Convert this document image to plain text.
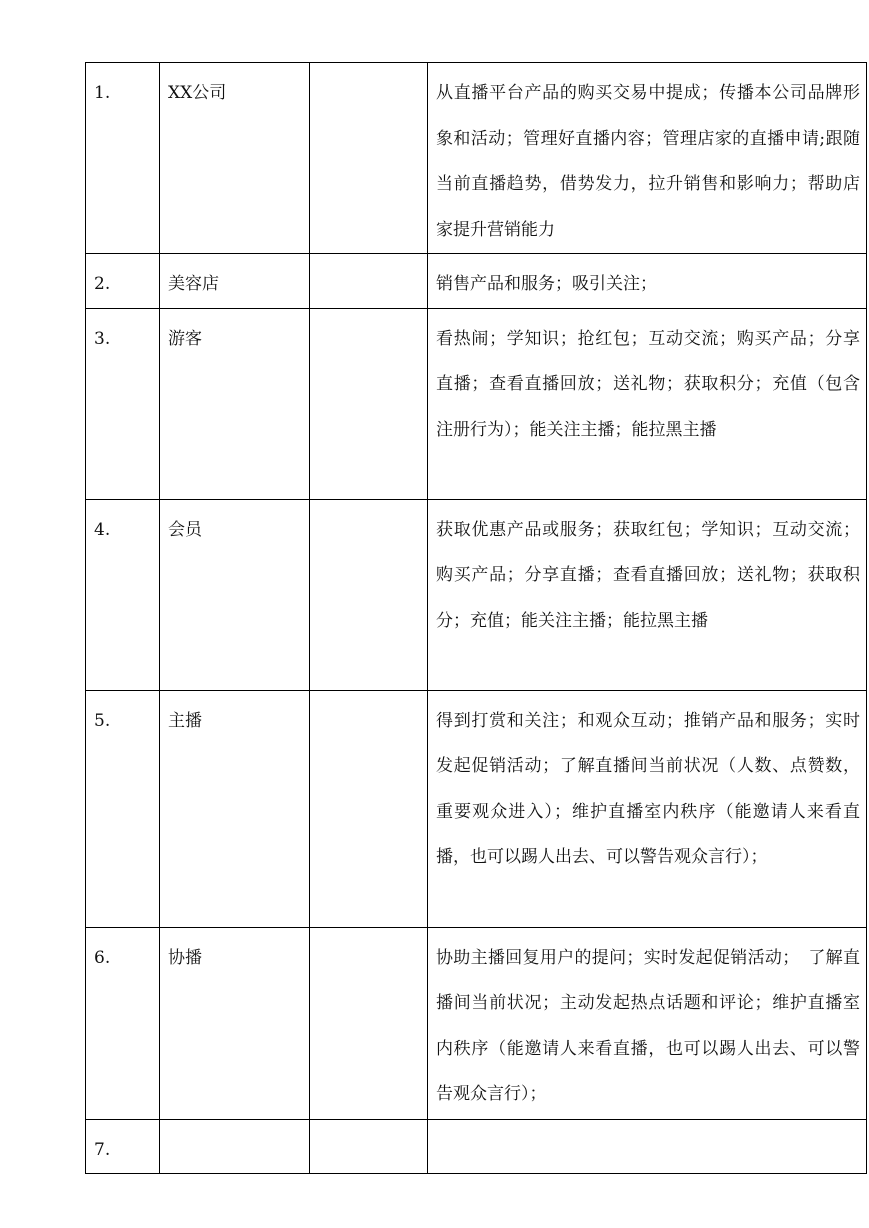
1.	XX公司		从直播平台产品的购买交易中提成；传播本公司品牌形象和活动；管理好直播内容；管理店家的直播申请;跟随当前直播趋势，借势发力，拉升销售和影响力；帮助店家提升营销能力

2.	美容店		销售产品和服务；吸引关注；

3.	游客		看热闹；学知识；抢红包；互动交流；购买产品；分享直播；查看直播回放；送礼物；获取积分；充值（包含注册行为）；能关注主播；能拉黑主播

4.	会员		获取优惠产品或服务；获取红包；学知识；互动交流；购买产品；分享直播；查看直播回放；送礼物；获取积分；充值；能关注主播；能拉黑主播

5.	主播		得到打赏和关注；和观众互动；推销产品和服务；实时发起促销活动；了解直播间当前状况（人数、点赞数，重要观众进入）；维护直播室内秩序（能邀请人来看直播，也可以踢人出去、可以警告观众言行）；

6.	协播		协助主播回复用户的提问；实时发起促销活动；　了解直播间当前状况；主动发起热点话题和评论；维护直播室内秩序（能邀请人来看直播，也可以踢人出去、可以警告观众言行）；

7.			
